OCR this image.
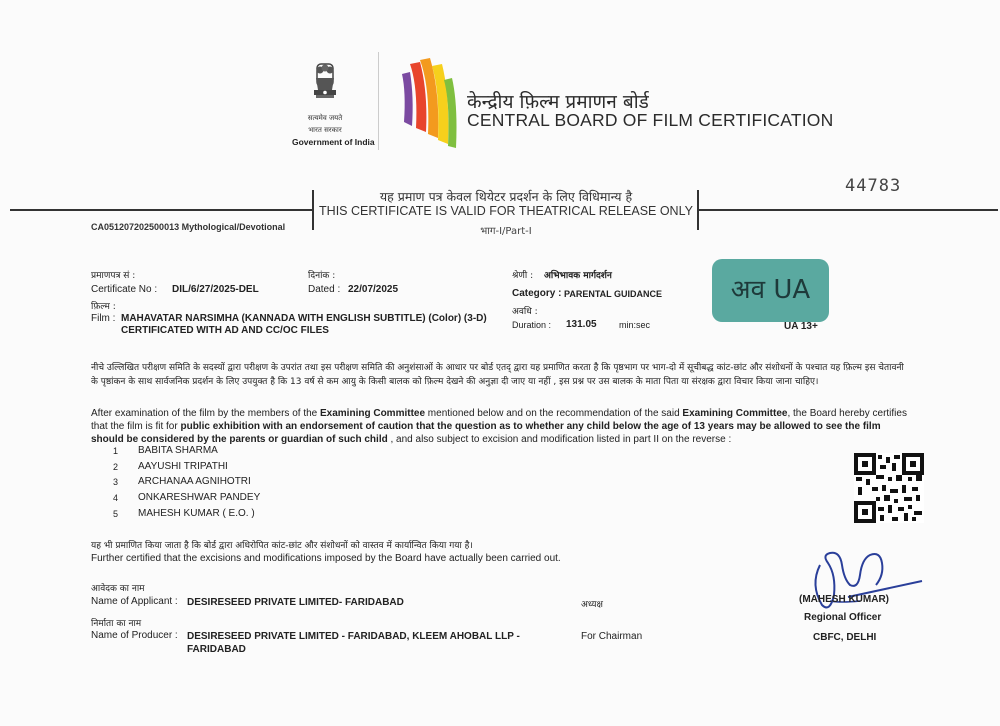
सत्यमेव जयते
भारत सरकार
Government of India
केन्द्रीय फ़िल्म प्रमाणन बोर्ड
CENTRAL BOARD OF FILM CERTIFICATION
44783
यह प्रमाण पत्र केवल थियेटर प्रदर्शन के लिए विधिमान्य है
THIS CERTIFICATE IS VALID FOR THEATRICAL RELEASE ONLY
भाग-I/Part-I
CA051207202500013 Mythological/Devotional
प्रमाणपत्र सं :
Certificate No : DIL/6/27/2025-DEL
दिनांक :
Dated : 22/07/2025
श्रेणी : अभिभावक मार्गदर्शन
Category : PARENTAL GUIDANCE
फ़िल्म :
Film : MAHAVATAR NARSIMHA (KANNADA WITH ENGLISH SUBTITLE) (Color) (3-D)
CERTIFICATED WITH AD AND CC/OC FILES
अवधि :
Duration : 131.05 min:sec
अव UA
UA 13+
नीचे उल्लिखित परीक्षण समिति के सदस्यों द्वारा परीक्षण के उपरांत तथा इस परीक्षण समिति की अनुशंसाओं के आधार पर बोर्ड एतद् द्वारा यह प्रमाणित करता है कि पृष्ठभाग पर भाग-दो में सूचीबद्ध कांट-छांट और संशोधनों के पश्चात यह फ़िल्म इस चेतावनी के पृष्ठांकन के साथ सार्वजनिक प्रदर्शन के लिए उपयुक्त है कि 13 वर्ष से कम आयु के किसी बालक को फ़िल्म देखने की अनुज्ञा दी जाए या नहीं , इस प्रश्न पर उस बालक के माता पिता या संरक्षक द्वारा विचार किया जाना चाहिए।
After examination of the film by the members of the Examining Committee mentioned below and on the recommendation of the said Examining Committee, the Board hereby certifies that the film is fit for public exhibition with an endorsement of caution that the question as to whether any child below the age of 13 years may be allowed to see the film should be considered by the parents or guardian of such child , and also subject to excision and modification listed in part II on the reverse :
1 BABITA SHARMA
2 AAYUSHI TRIPATHI
3 ARCHANAA AGNIHOTRI
4 ONKARESHWAR PANDEY
5 MAHESH KUMAR ( E.O. )
यह भी प्रमाणित किया जाता है कि बोर्ड द्वारा अधिरोपित कांट-छांट और संशोधनों को वास्तव में कार्यान्वित किया गया है।
Further certified that the excisions and modifications imposed by the Board have actually been carried out.
आवेदक का नाम
Name of Applicant : DESIRESEED PRIVATE LIMITED- FARIDABAD
निर्माता का नाम
Name of Producer : DESIRESEED PRIVATE LIMITED - FARIDABAD, KLEEM AHOBAL LLP -
FARIDABAD
अध्यक्ष
For Chairman
(MAHESH KUMAR)
Regional Officer
CBFC, DELHI
